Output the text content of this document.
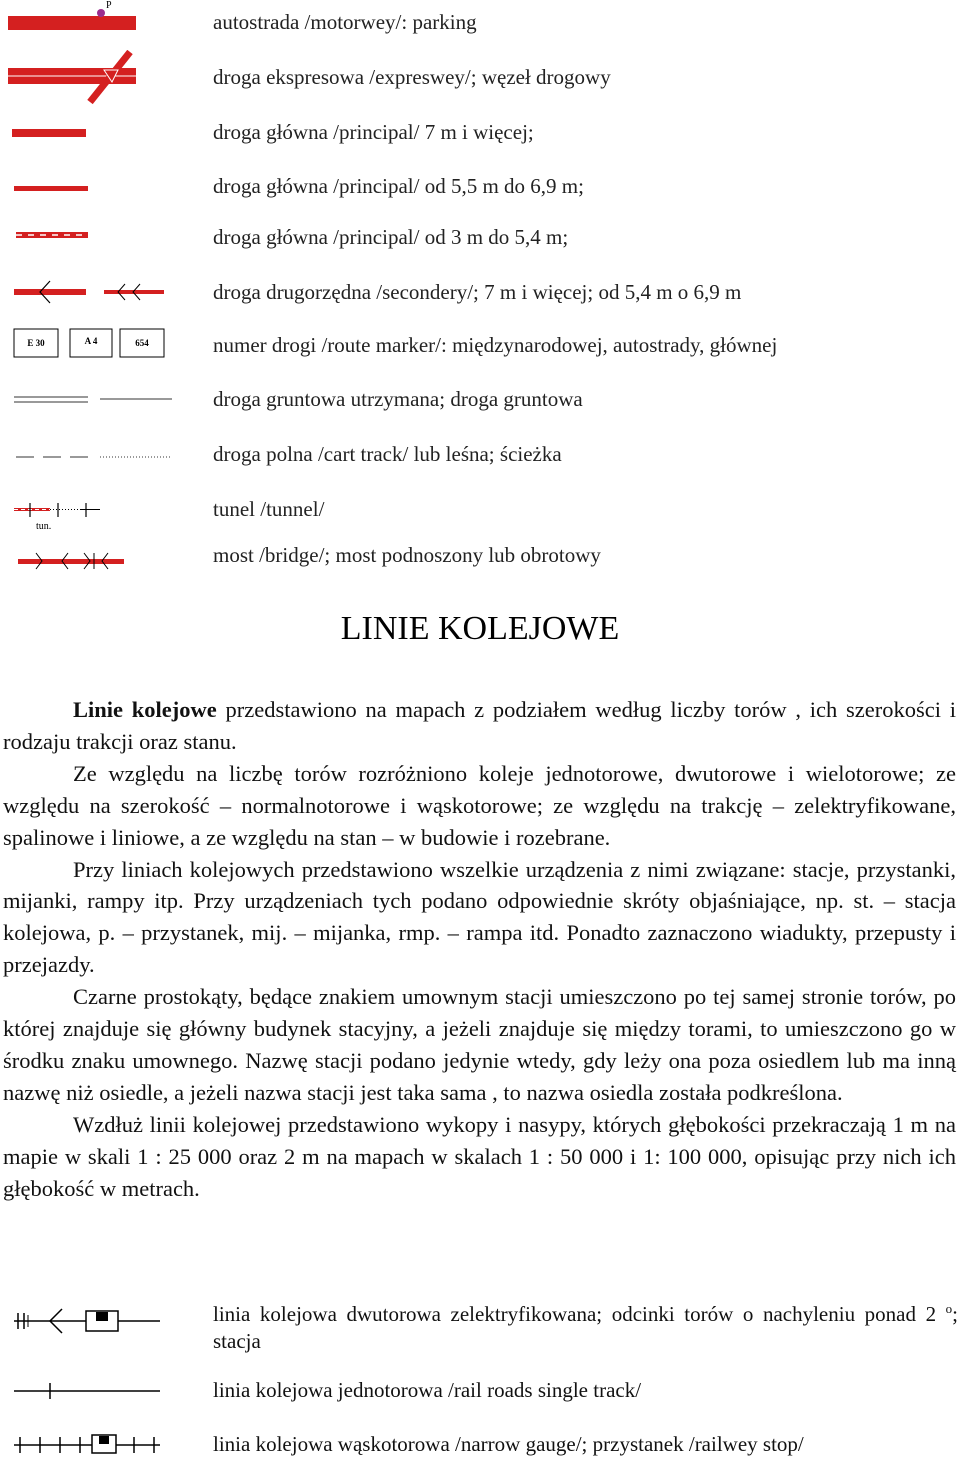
P
autostrada /motorwey/: parking
droga ekspresowa /expreswey/; węzeł drogowy
droga główna /principal/ 7 m i więcej;
droga główna /principal/ od 5,5 m do 6,9 m;
droga główna /principal/ od 3 m do 5,4 m;
droga drugorzędna /secondery/; 7 m i więcej; od 5,4 m o 6,9 m
E 30	A 4	654	numer drogi /route marker/: międzynarodowej, autostrady, głównej
droga gruntowa utrzymana; droga gruntowa
droga polna /cart track/ lub leśna; ścieżka
tun.
tunel /tunnel/
most /bridge/; most podnoszony lub obrotowy
LINIE KOLEJOWE

Linie kolejowe przedstawiono na mapach z podziałem według liczby torów , ich szerokości i rodzaju trakcji oraz stanu.

Ze względu na liczbę torów rozróżniono koleje jednotorowe, dwutorowe i wielotorowe; ze względu na szerokość – normalnotorowe i wąskotorowe; ze względu na trakcję – zelektryfikowane, spalinowe i liniowe, a ze względu na stan – w budowie i rozebrane.

Przy liniach kolejowych przedstawiono wszelkie urządzenia z nimi związane: stacje, przystanki, mijanki, rampy itp. Przy urządzeniach tych podano odpowiednie skróty objaśniające, np. st. – stacja kolejowa, p. – przystanek, mij. – mijanka, rmp. – rampa itd. Ponadto zaznaczono wiadukty, przepusty i przejazdy.

Czarne prostokąty, będące znakiem umownym stacji umieszczono po tej samej stronie torów, po której znajduje się główny budynek stacyjny, a jeżeli znajduje się między torami, to umieszczono go w środku znaku umownego. Nazwę stacji podano jedynie wtedy, gdy leży ona poza osiedlem lub ma inną nazwę niż osiedle, a jeżeli nazwa stacji jest taka sama , to nazwa osiedla została podkreślona.

Wzdłuż linii kolejowej przedstawiono wykopy i nasypy, których głębokości przekraczają 1 m na mapie w skali 1 : 25 000 oraz 2 m na mapach w skalach 1 : 50 000 i 1: 100 000, opisując przy nich ich głębokość w metrach.

linia kolejowa dwutorowa zelektryfikowana; odcinki torów o nachyleniu ponad 2 $^o$; stacja
linia kolejowa jednotorowa /rail roads single track/
linia kolejowa wąskotorowa /narrow gauge/; przystanek /railwey stop/
